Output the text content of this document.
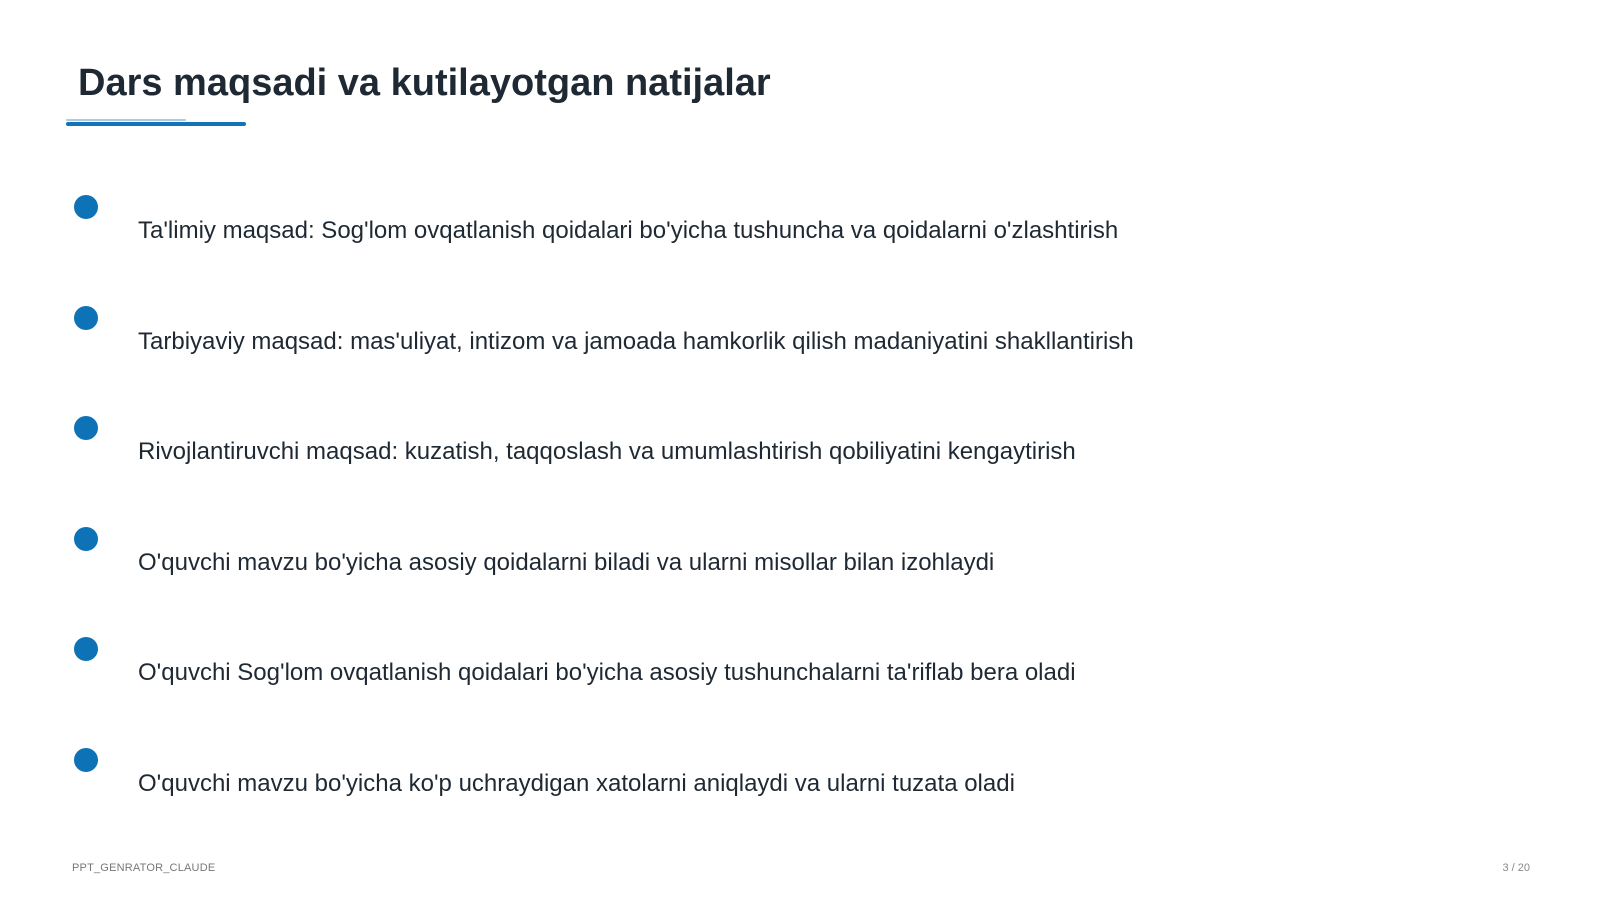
Dars maqsadi va kutilayotgan natijalar
Ta'limiy maqsad: Sog'lom ovqatlanish qoidalari bo'yicha tushuncha va qoidalarni o'zlashtirish
Tarbiyaviy maqsad: mas'uliyat, intizom va jamoada hamkorlik qilish madaniyatini shakllantirish
Rivojlantiruvchi maqsad: kuzatish, taqqoslash va umumlashtirish qobiliyatini kengaytirish
O'quvchi mavzu bo'yicha asosiy qoidalarni biladi va ularni misollar bilan izohlaydi
O'quvchi Sog'lom ovqatlanish qoidalari bo'yicha asosiy tushunchalarni ta'riflab bera oladi
O'quvchi mavzu bo'yicha ko'p uchraydigan xatolarni aniqlaydi va ularni tuzata oladi
PPT_GENRATOR_CLAUDE	3 / 20
